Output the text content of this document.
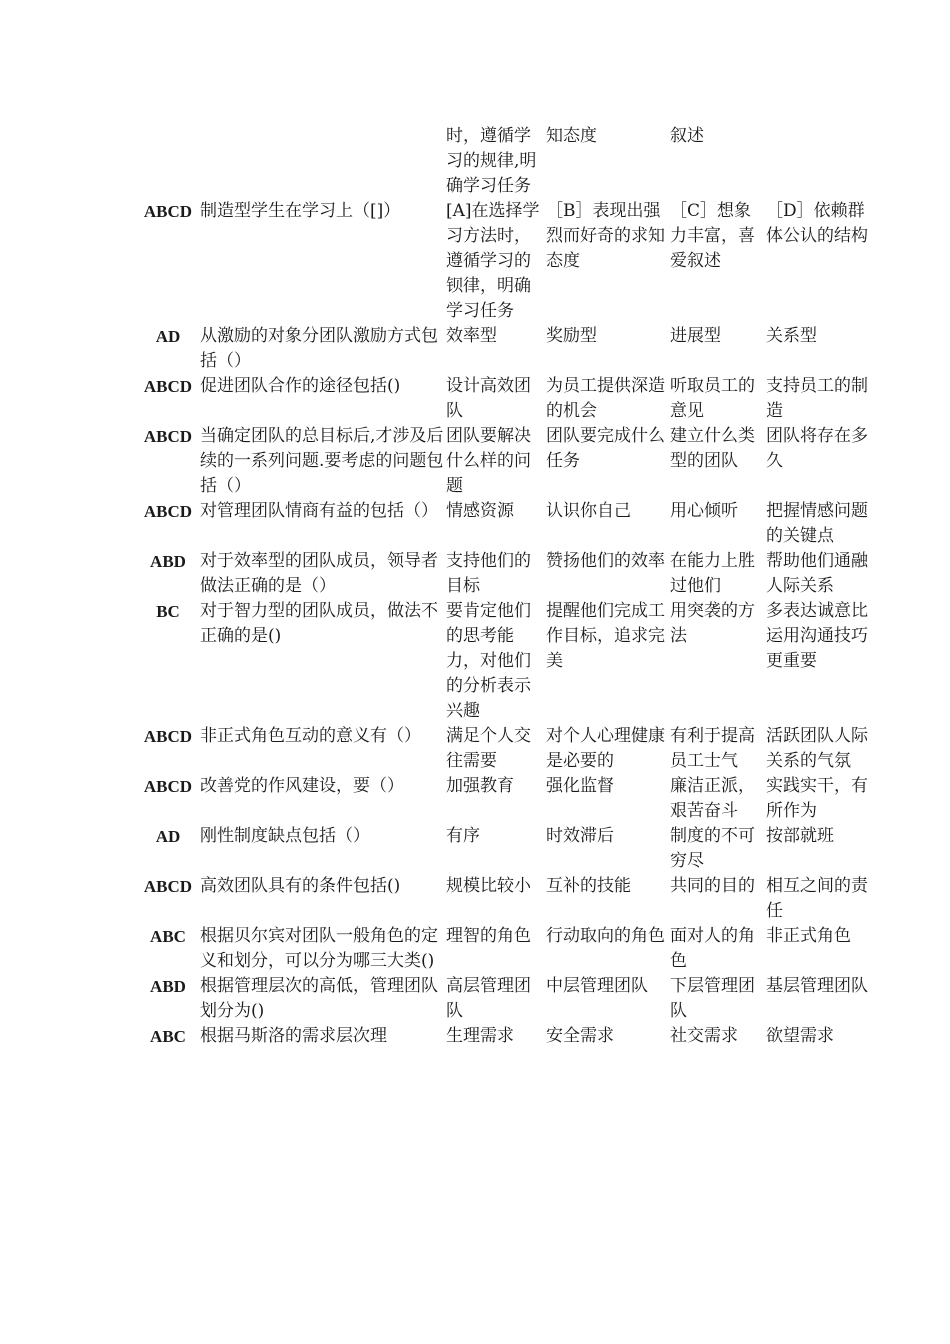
		时，遵循学习的规律,明确学习任务	知态度	叙述	
ABCD	制造型学生在学习上（[]）	[A]在选择学习方法时，遵循学习的钡律，明确学习任务	［B］表现出强烈而好奇的求知态度	［C］想象力丰富，喜爱叙述	［D］依赖群体公认的结构
AD	从激励的对象分团队激励方式包括（）	效率型	奖励型	进展型	关系型
ABCD	促进团队合作的途径包括()	设计高效团队	为员工提供深造的机会	听取员工的意见	支持员工的制造
ABCD	当确定团队的总目标后,才涉及后续的一系列问题.要考虑的问题包括（）	团队要解决什么样的问题	团队要完成什么任务	建立什么类型的团队	团队将存在多久
ABCD	对管理团队情商有益的包括（）	情感资源	认识你自己	用心倾听	把握情感问题的关键点
ABD	对于效率型的团队成员，领导者做法正确的是（）	支持他们的目标	赞扬他们的效率	在能力上胜过他们	帮助他们通融人际关系
BC	对于智力型的团队成员，做法不正确的是()	要肯定他们的思考能力，对他们的分析表示兴趣	提醒他们完成工作目标，追求完美	用突袭的方法	多表达诚意比运用沟通技巧更重要
ABCD	非正式角色互动的意义有（）	满足个人交往需要	对个人心理健康是必要的	有利于提高员工士气	活跃团队人际关系的气氛
ABCD	改善党的作风建设，要（）	加强教育	强化监督	廉洁正派，艰苦奋斗	实践实干，有所作为
AD	刚性制度缺点包括（）	有序	时效滞后	制度的不可穷尽	按部就班
ABCD	高效团队具有的条件包括()	规模比较小	互补的技能	共同的目的	相互之间的责任
ABC	根据贝尔宾对团队一般角色的定义和划分，可以分为哪三大类()	理智的角色	行动取向的角色	面对人的角色	非正式角色
ABD	根据管理层次的高低，管理团队划分为()	高层管理团队	中层管理团队	下层管理团队	基层管理团队
ABC	根据马斯洛的需求层次理	生理需求	安全需求	社交需求	欲望需求
